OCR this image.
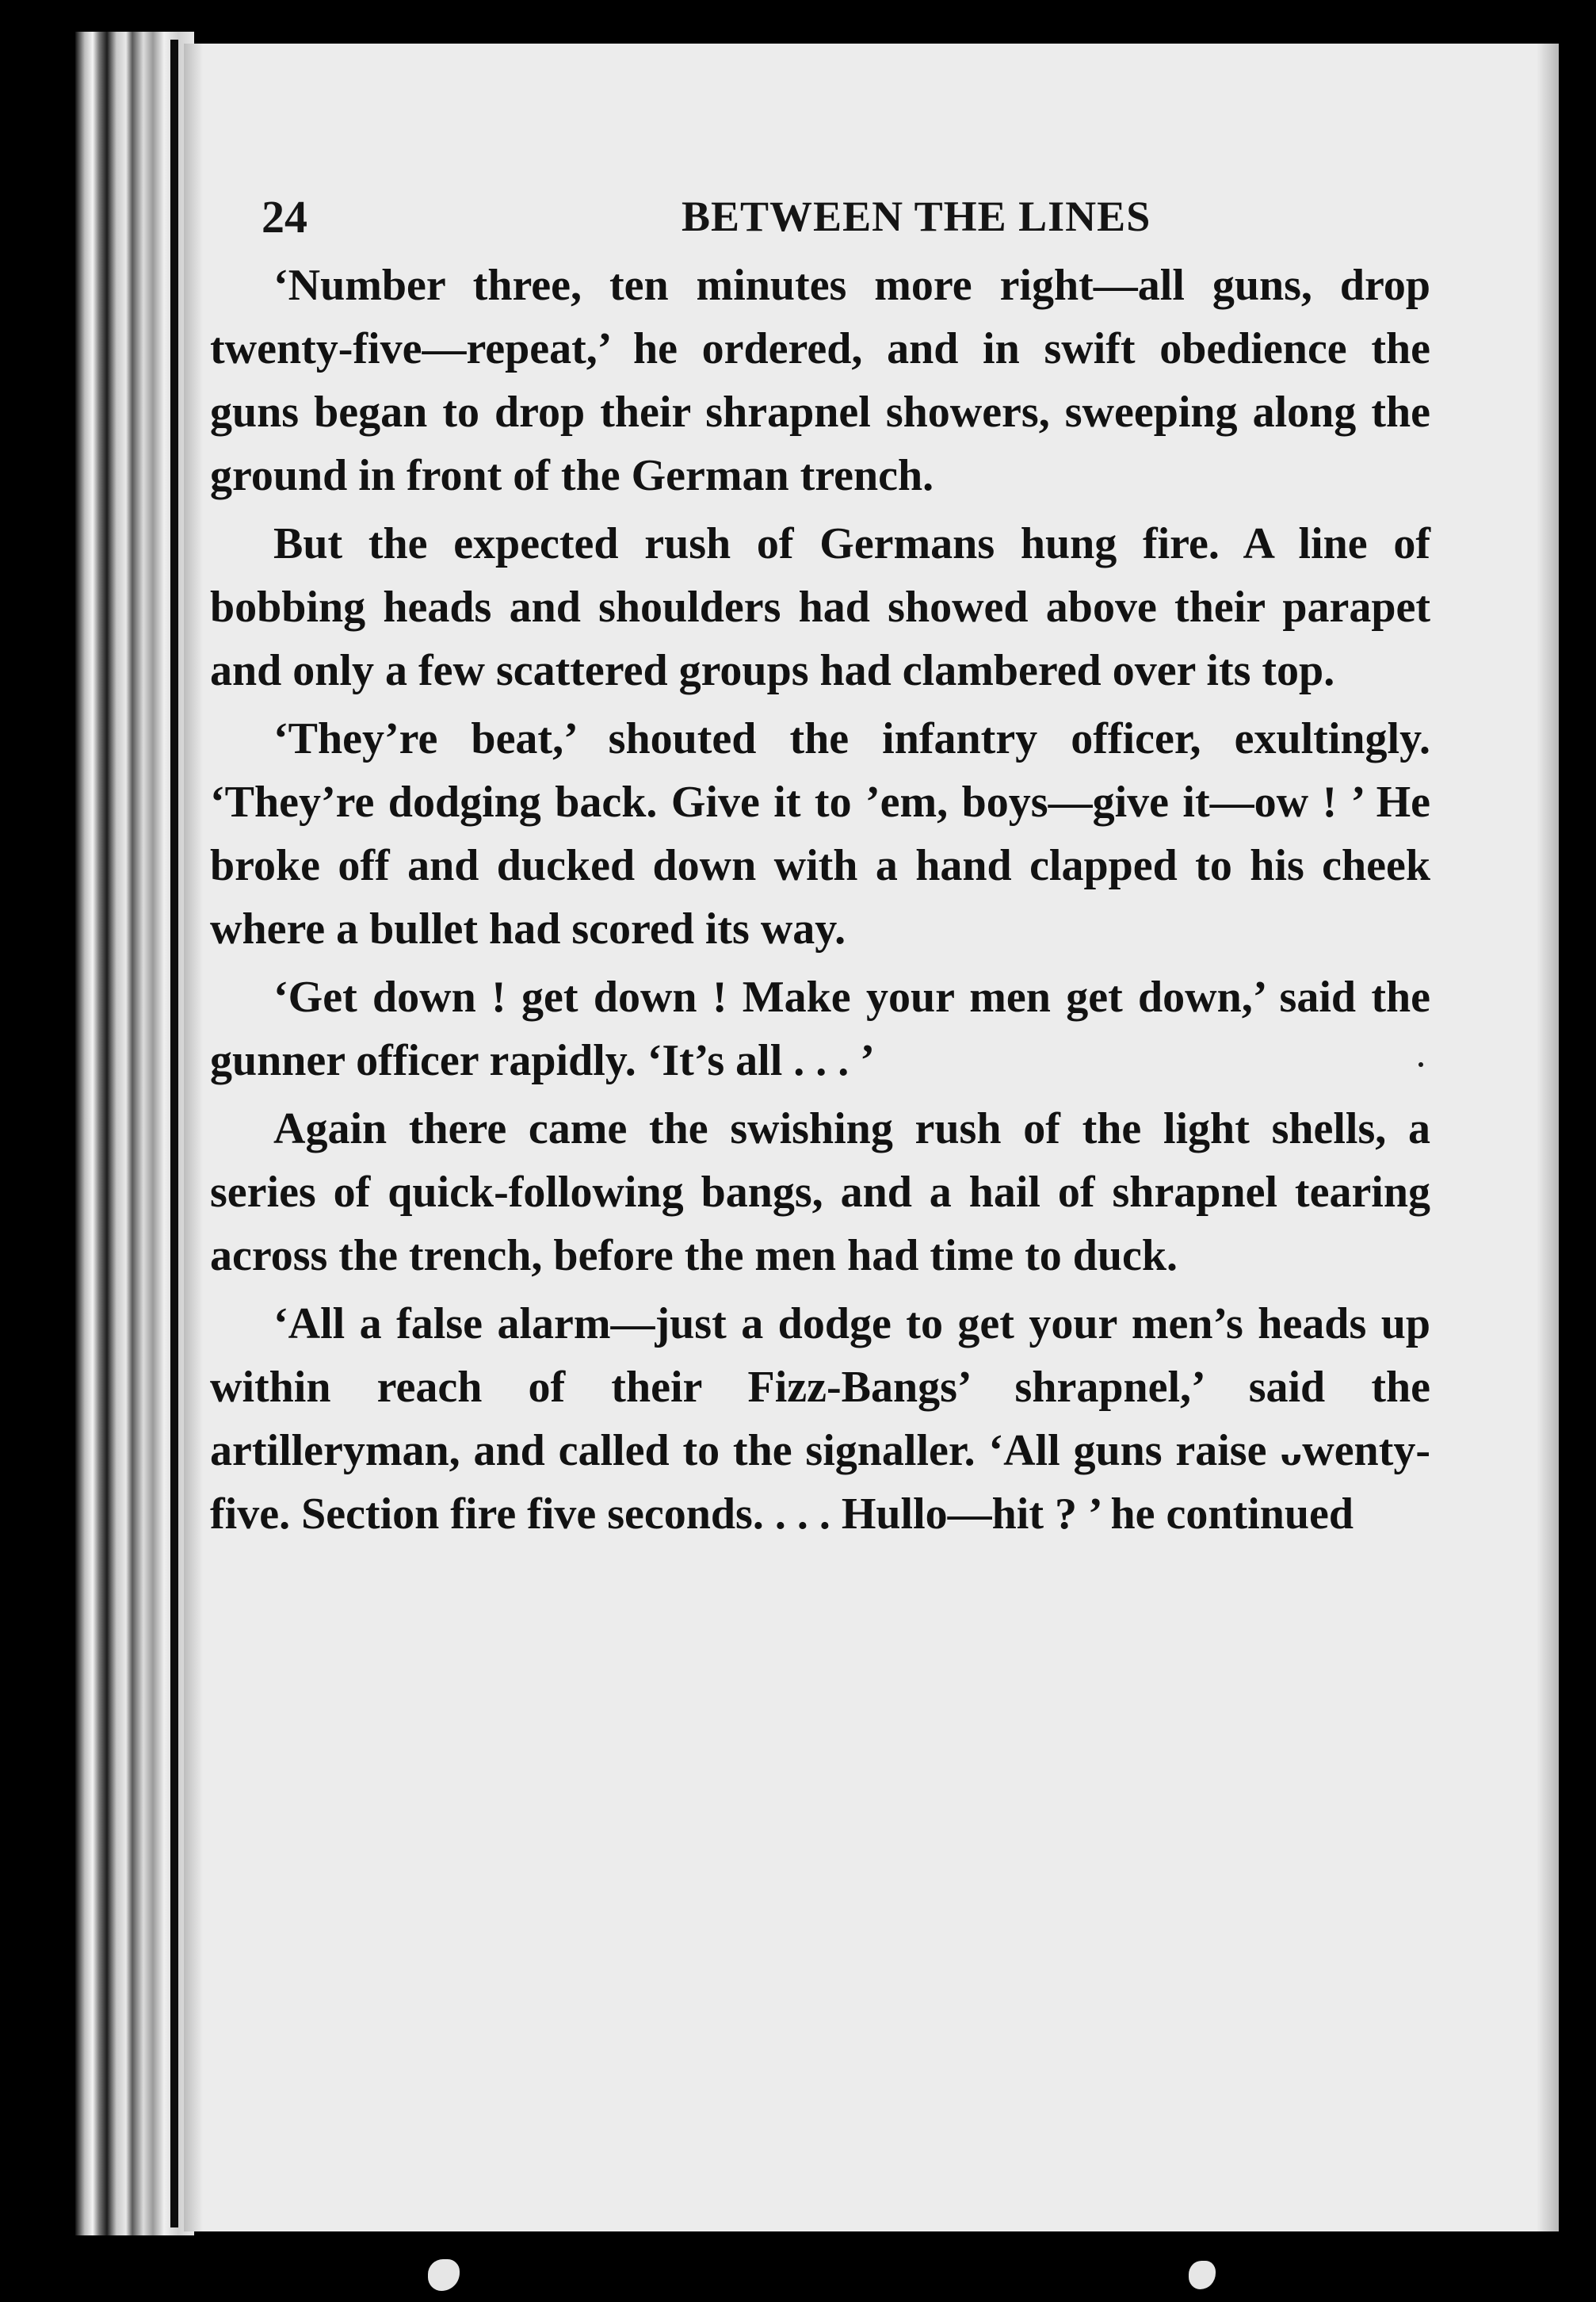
24	BETWEEN THE LINES

‘Number three, ten minutes more right—all guns, drop twenty-five—repeat,’ he ordered, and in swift obedience the guns began to drop their shrapnel showers, sweeping along the ground in front of the German trench.

But the expected rush of Germans hung fire. A line of bobbing heads and shoulders had showed above their parapet and only a few scattered groups had clambered over its top.

‘They’re beat,’ shouted the infantry officer, exultingly. ‘They’re dodging back. Give it to ’em, boys—give it—ow ! ’ He broke off and ducked down with a hand clapped to his cheek where a bullet had scored its way.

‘Get down ! get down ! Make your men get down,’ said the gunner officer rapidly. ‘It’s all . . . ’

Again there came the swishing rush of the light shells, a series of quick-following bangs, and a hail of shrapnel tearing across the trench, before the men had time to duck.

‘All a false alarm—just a dodge to get your men’s heads up within reach of their Fizz-Bangs’ shrapnel,’ said the artilleryman, and called to the signaller. ‘All guns raise ᴗwenty-five. Section fire five seconds. . . . Hullo—hit ? ’ he continued
